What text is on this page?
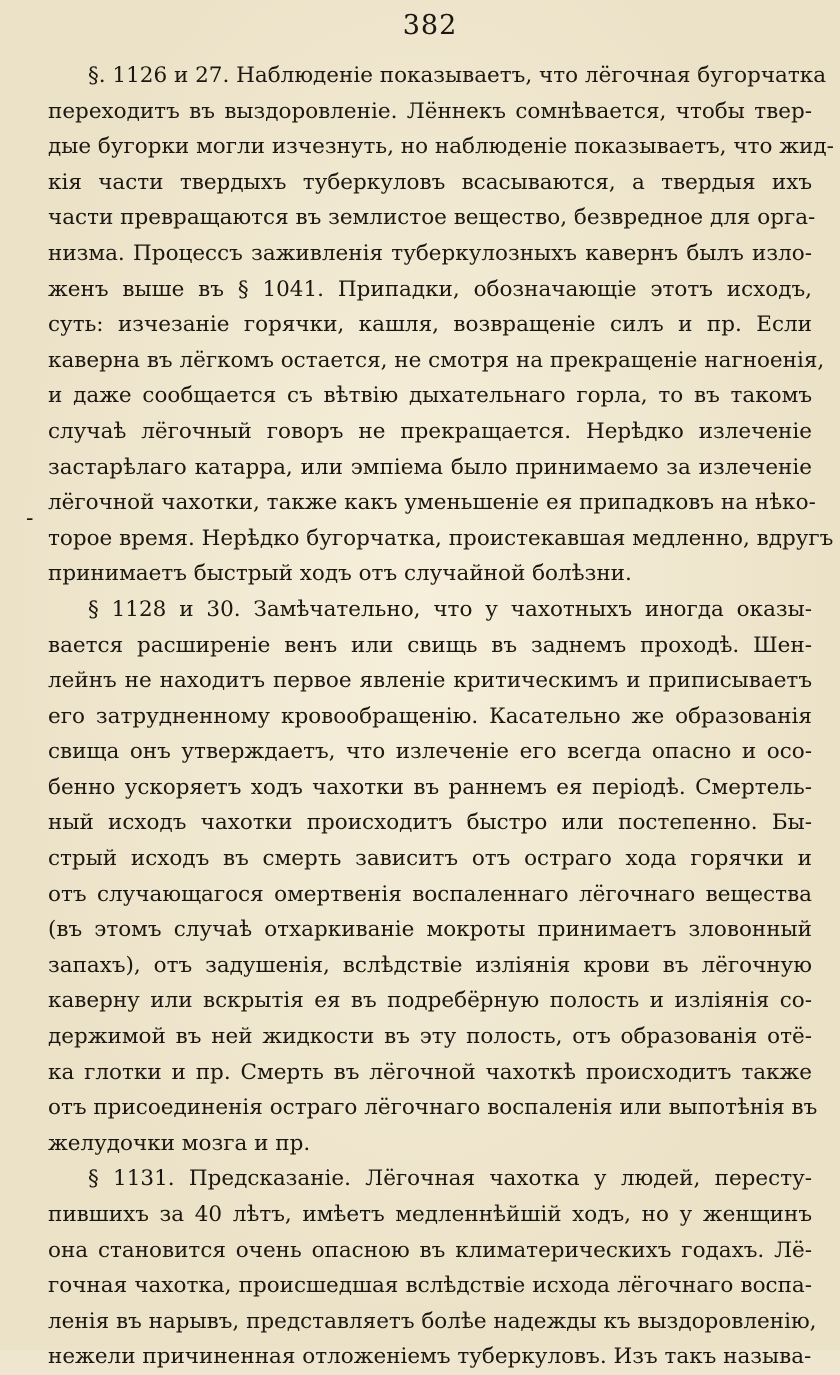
382
-
§. 1126 и 27. Наблюденіе показываетъ, что лёгочная бугорчатка
переходитъ въ выздоровленіе. Лённекъ сомнѣвается, чтобы твер-
дые бугорки могли изчезнуть, но наблюденіе показываетъ, что жид-
кія части твердыхъ туберкуловъ всасываются, а твердыя ихъ
части превращаются въ землистое вещество, безвредное для орга-
низма. Процессъ заживленія туберкулозныхъ кавернъ былъ изло-
женъ выше въ § 1041. Припадки, обозначающіе этотъ исходъ,
суть: изчезаніе горячки, кашля, возвращеніе силъ и пр. Если
каверна въ лёгкомъ остается, не смотря на прекращеніе нагноенія,
и даже сообщается съ вѣтвію дыхательнаго горла, то въ такомъ
случаѣ лёгочный говоръ не прекращается. Нерѣдко излеченіе
застарѣлаго катарра, или эмпіема было принимаемо за излеченіе
лёгочной чахотки, также какъ уменьшеніе ея припадковъ на нѣко-
торое время. Нерѣдко бугорчатка, проистекавшая медленно, вдругъ
принимаетъ быстрый ходъ отъ случайной болѣзни.
§ 1128 и 30. Замѣчательно, что у чахотныхъ иногда оказы-
вается расширеніе венъ или свищь въ заднемъ проходѣ. Шен-
лейнъ не находитъ первое явленіе критическимъ и приписываетъ
его затрудненному кровообращенію. Касательно же образованія
свища онъ утверждаетъ, что излеченіе его всегда опасно и осо-
бенно ускоряетъ ходъ чахотки въ раннемъ ея періодѣ. Смертель-
ный исходъ чахотки происходитъ быстро или постепенно. Бы-
стрый исходъ въ смерть зависитъ отъ остраго хода горячки и
отъ случающагося омертвенія воспаленнаго лёгочнаго вещества
(въ этомъ случаѣ отхаркиваніе мокроты принимаетъ зловонный
запахъ), отъ задушенія, вслѣдствіе изліянія крови въ лёгочную
каверну или вскрытія ея въ подребёрную полость и изліянія со-
держимой въ ней жидкости въ эту полость, отъ образованія отё-
ка глотки и пр. Смерть въ лёгочной чахоткѣ происходитъ также
отъ присоединенія остраго лёгочнаго воспаленія или выпотѣнія въ
желудочки мозга и пр.
§ 1131. Предсказаніе. Лёгочная чахотка у людей, пересту-
пившихъ за 40 лѣтъ, имѣетъ медленнѣйшій ходъ, но у женщинъ
она становится очень опасною въ климатерическихъ годахъ. Лё-
гочная чахотка, происшедшая вслѣдствіе исхода лёгочнаго воспа-
ленія въ нарывъ, представляетъ болѣе надежды къ выздоровленію,
нежели причиненная отложеніемъ туберкуловъ. Изъ такъ называ-
